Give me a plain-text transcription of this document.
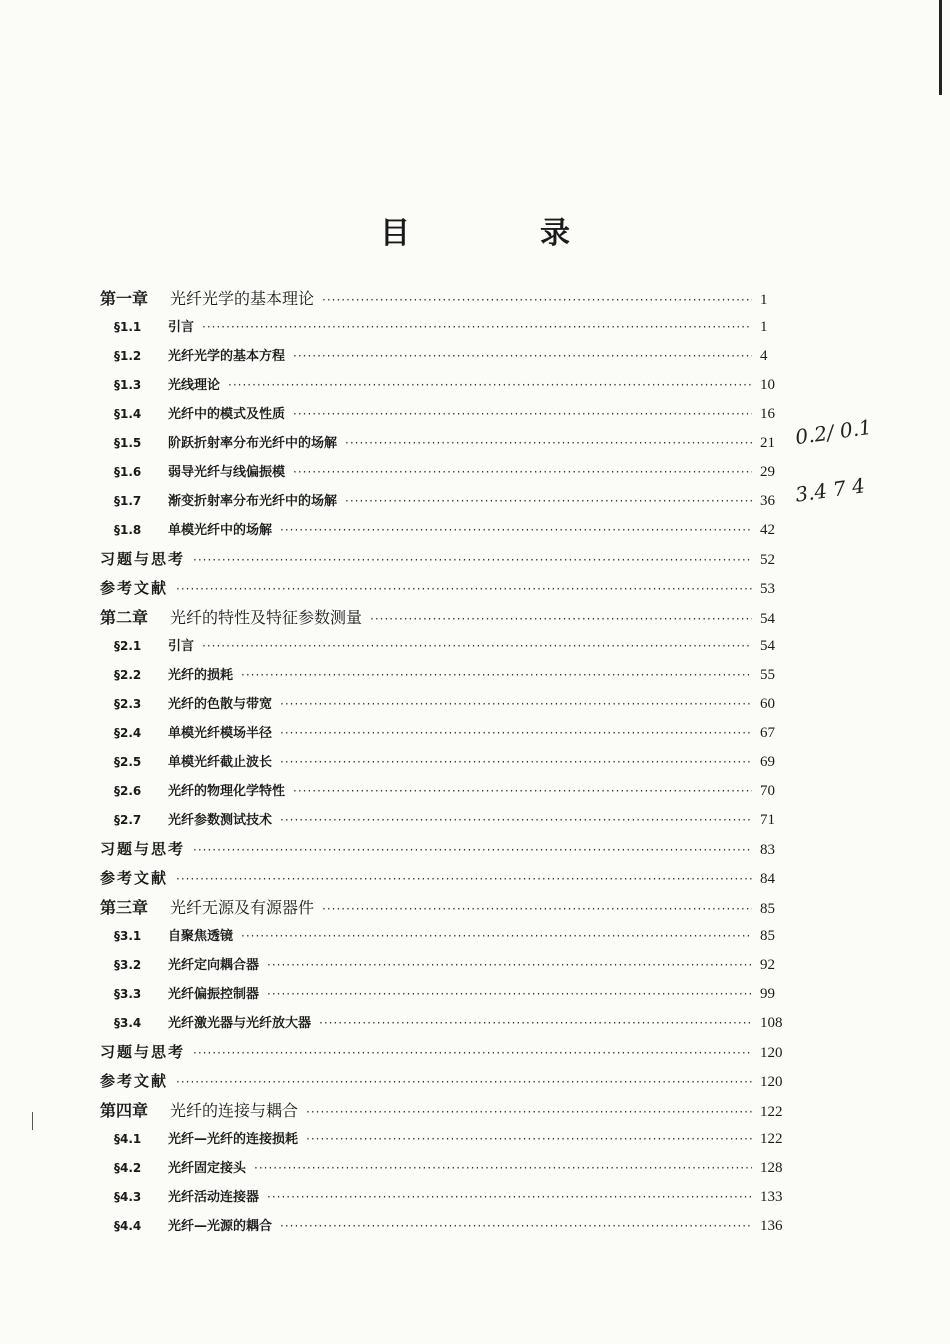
目　录
第一章 光纤光学的基本理论 ·····	1
§1.1	引言 ·····	1
§1.2	光纤光学的基本方程 ·····	4
§1.3	光线理论 ·····	10
§1.4	光纤中的模式及性质 ·····	16
§1.5	阶跃折射率分布光纤中的场解 ·····	21
§1.6	弱导光纤与线偏振模 ·····	29
§1.7	渐变折射率分布光纤中的场解 ·····	36
§1.8	单模光纤中的场解 ·····	42
习题与思考 ·····	52
参考文献 ·····	53
第二章 光纤的特性及特征参数测量 ·····	54
§2.1	引言 ·····	54
§2.2	光纤的损耗 ·····	55
§2.3	光纤的色散与带宽 ·····	60
§2.4	单模光纤模场半径 ·····	67
§2.5	单模光纤截止波长 ·····	69
§2.6	光纤的物理化学特性 ·····	70
§2.7	光纤参数测试技术 ·····	71
习题与思考 ·····	83
参考文献 ·····	84
第三章 光纤无源及有源器件 ·····	85
§3.1	自聚焦透镜 ·····	85
§3.2	光纤定向耦合器 ·····	92
§3.3	光纤偏振控制器 ·····	99
§3.4	光纤激光器与光纤放大器 ·····	108
习题与思考 ·····	120
参考文献 ·····	120
第四章 光纤的连接与耦合 ·····	122
§4.1	光纤—光纤的连接损耗 ·····	122
§4.2	光纤固定接头 ·····	128
§4.3	光纤活动连接器 ·····	133
§4.4	光纤—光源的耦合 ·····	136
0.2/ 0.1
3.4 7 4
